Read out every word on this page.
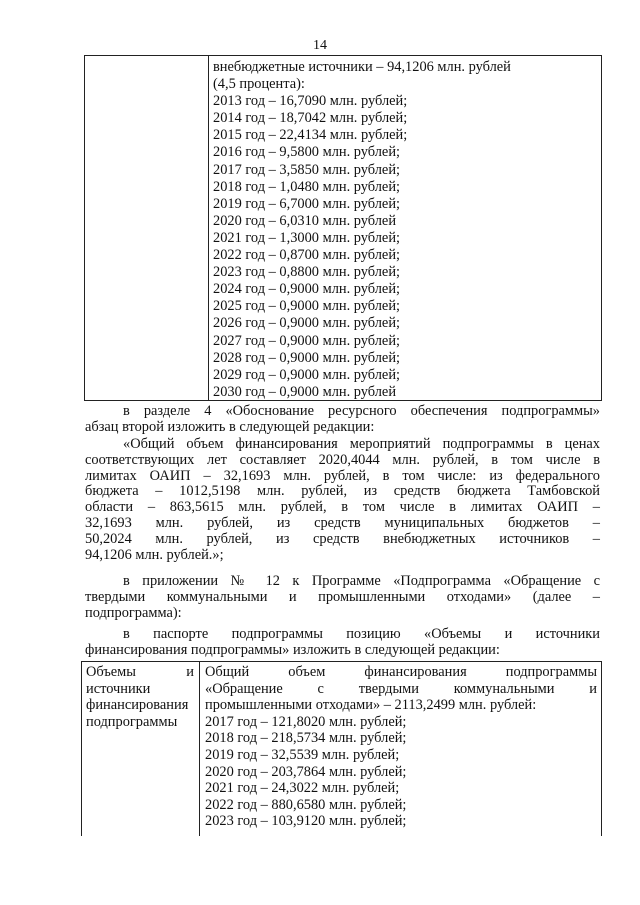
14
внебюджетные источники – 94,1206 млн. рублей
(4,5 процента):
2013 год – 16,7090 млн. рублей;
2014 год – 18,7042 млн. рублей;
2015 год – 22,4134 млн. рублей;
2016 год – 9,5800 млн. рублей;
2017 год – 3,5850 млн. рублей;
2018 год – 1,0480 млн. рублей;
2019 год – 6,7000 млн. рублей;
2020 год – 6,0310 млн. рублей
2021 год – 1,3000 млн. рублей;
2022 год – 0,8700 млн. рублей;
2023 год – 0,8800 млн. рублей;
2024 год – 0,9000 млн. рублей;
2025 год – 0,9000 млн. рублей;
2026 год – 0,9000 млн. рублей;
2027 год – 0,9000 млн. рублей;
2028 год – 0,9000 млн. рублей;
2029 год – 0,9000 млн. рублей;
2030 год – 0,9000 млн. рублей
в разделе 4 «Обоснование ресурсного обеспечения подпрограммы»
абзац второй изложить в следующей редакции:
«Общий объем финансирования мероприятий подпрограммы в ценах
соответствующих лет составляет 2020,4044 млн. рублей, в том числе в
лимитах ОАИП – 32,1693 млн. рублей, в том числе: из федерального
бюджета – 1012,5198 млн. рублей, из средств бюджета Тамбовской
области – 863,5615 млн. рублей, в том числе в лимитах ОАИП –
32,1693 млн. рублей, из средств муниципальных бюджетов –
50,2024 млн. рублей, из средств внебюджетных источников –
94,1206 млн. рублей.»;
в приложении № 12 к Программе «Подпрограмма «Обращение с
твердыми коммунальными и промышленными отходами» (далее –
подпрограмма):
в паспорте подпрограммы позицию «Объемы и источники
финансирования подпрограммы» изложить в следующей редакции:
Объемы	и
источники
финансирования
подпрограммы
Общий объем финансирования подпрограммы
«Обращение с твердыми коммунальными и
промышленными отходами» – 2113,2499 млн. рублей:
2017 год – 121,8020 млн. рублей;
2018 год – 218,5734 млн. рублей;
2019 год – 32,5539 млн. рублей;
2020 год – 203,7864 млн. рублей;
2021 год – 24,3022 млн. рублей;
2022 год – 880,6580 млн. рублей;
2023 год – 103,9120 млн. рублей;
